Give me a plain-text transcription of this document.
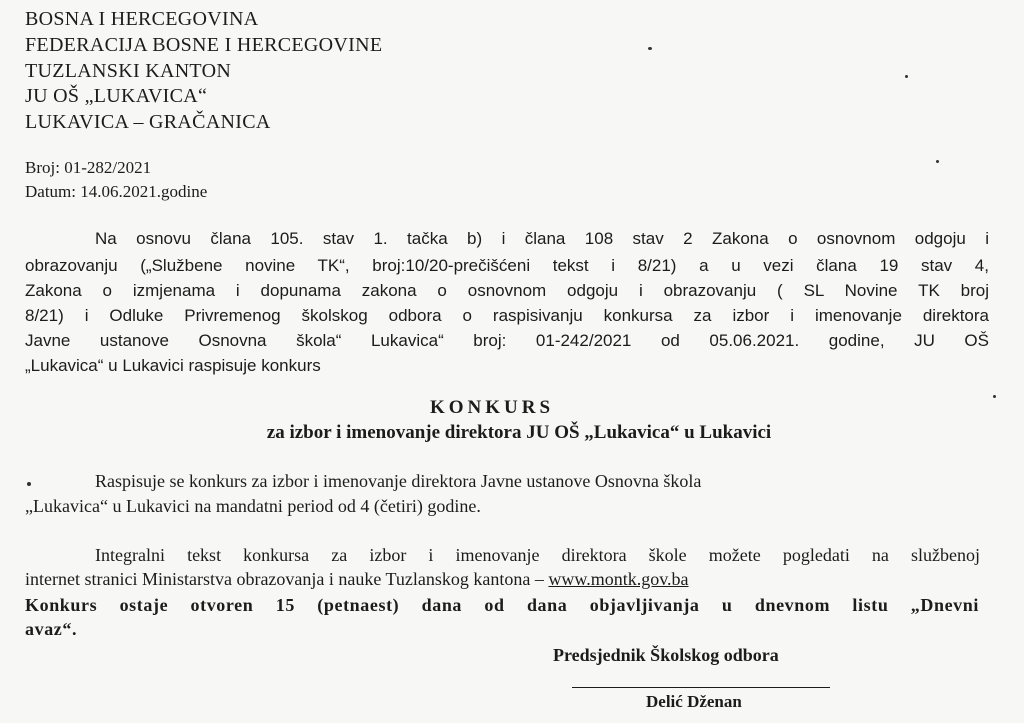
BOSNA I HERCEGOVINA
FEDERACIJA BOSNE I HERCEGOVINE
TUZLANSKI KANTON
JU OŠ „LUKAVICA“
LUKAVICA – GRAČANICA
Broj: 01-282/2021
Datum: 14.06.2021.godine
Na osnovu člana 105. stav 1. tačka b) i člana 108 stav 2 Zakona o osnovnom odgoju i
obrazovanju („Službene novine TK“, broj:10/20-prečišćeni tekst i 8/21) a u vezi člana 19 stav 4,
Zakona o izmjenama i dopunama zakona o osnovnom odgoju i obrazovanju ( SL Novine TK broj
8/21) i Odluke Privremenog školskog odbora o raspisivanju konkursa za izbor i imenovanje direktora
Javne ustanove Osnovna škola“ Lukavica“ broj: 01-242/2021 od 05.06.2021. godine, JU OŠ
„Lukavica“ u Lukavici raspisuje konkurs
KONKURS
za izbor i imenovanje direktora JU OŠ „Lukavica“ u Lukavici
Raspisuje se konkurs za izbor i imenovanje direktora Javne ustanove Osnovna škola
„Lukavica“ u Lukavici na mandatni period od 4 (četiri) godine.
Integralni tekst konkursa za izbor i imenovanje direktora škole možete pogledati na službenoj
internet stranici Ministarstva obrazovanja i nauke Tuzlanskog kantona – www.montk.gov.ba
Konkurs ostaje otvoren 15 (petnaest) dana od dana objavljivanja u dnevnom listu „Dnevni
avaz“.
Predsjednik Školskog odbora
Delić Dženan
